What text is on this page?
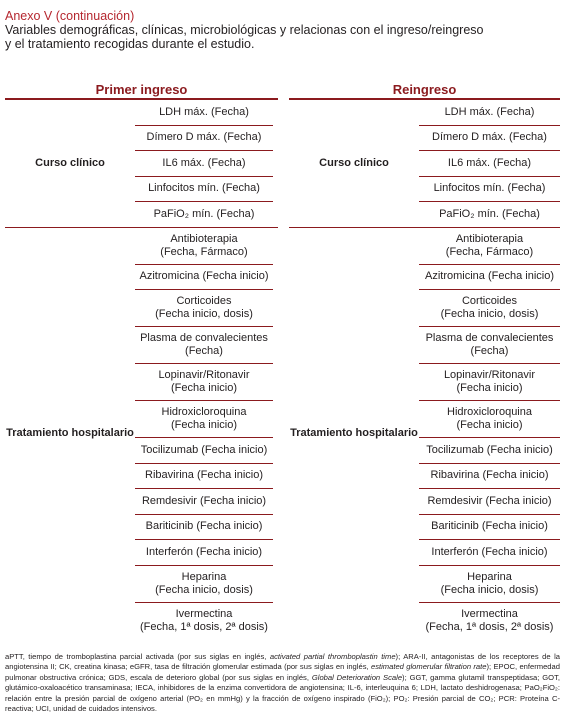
Anexo V (continuación)
Variables demográficas, clínicas, microbiológicas y relacionas con el ingreso/reingreso
y el tratamiento recogidas durante el estudio.
Primer ingreso
Curso clínico
LDH máx. (Fecha)
Dímero D máx. (Fecha)
IL6 máx. (Fecha)
Linfocitos mín. (Fecha)
PaFiO₂ mín. (Fecha)
Tratamiento hospitalario
Antibioterapia
(Fecha, Fármaco)
Azitromicina (Fecha inicio)
Corticoides
(Fecha inicio, dosis)
Plasma de convalecientes
(Fecha)
Lopinavir/Ritonavir
(Fecha inicio)
Hidroxicloroquina
(Fecha inicio)
Tocilizumab (Fecha inicio)
Ribavirina (Fecha inicio)
Remdesivir (Fecha inicio)
Bariticinib (Fecha inicio)
Interferón (Fecha inicio)
Heparina
(Fecha inicio, dosis)
Ivermectina
(Fecha, 1ª dosis, 2ª dosis)
Reingreso
Curso clínico
LDH máx. (Fecha)
Dímero D máx. (Fecha)
IL6 máx. (Fecha)
Linfocitos mín. (Fecha)
PaFiO₂ mín. (Fecha)
Tratamiento hospitalario
Antibioterapia
(Fecha, Fármaco)
Azitromicina (Fecha inicio)
Corticoides
(Fecha inicio, dosis)
Plasma de convalecientes
(Fecha)
Lopinavir/Ritonavir
(Fecha inicio)
Hidroxicloroquina
(Fecha inicio)
Tocilizumab (Fecha inicio)
Ribavirina (Fecha inicio)
Remdesivir (Fecha inicio)
Bariticinib (Fecha inicio)
Interferón (Fecha inicio)
Heparina
(Fecha inicio, dosis)
Ivermectina
(Fecha, 1ª dosis, 2ª dosis)
aPTT, tiempo de tromboplastina parcial activada (por sus siglas en inglés, activated partial thromboplastin time); ARA-II, antagonistas de los receptores de la angiotensina II; CK, creatina kinasa; eGFR, tasa de filtración glomerular estimada (por sus siglas en inglés, estimated glomerular filtration rate); EPOC, enfermedad pulmonar obstructiva crónica; GDS, escala de deterioro global (por sus siglas en inglés, Global Deterioration Scale); GGT, gamma glutamil transpeptidasa; GOT, glutámico-oxaloacético transaminasa; IECA, inhibidores de la enzima convertidora de angiotensina; IL-6, interleuquina 6; LDH, lactato deshidrogenasa; PaO₂FiO₂: relación entre la presión parcial de oxígeno arterial (PO₂ en mmHg) y la fracción de oxígeno inspirado (FiO₂); PO₂: Presión parcial de CO₂; PCR: Proteína C-reactiva; UCI, unidad de cuidados intensivos.
